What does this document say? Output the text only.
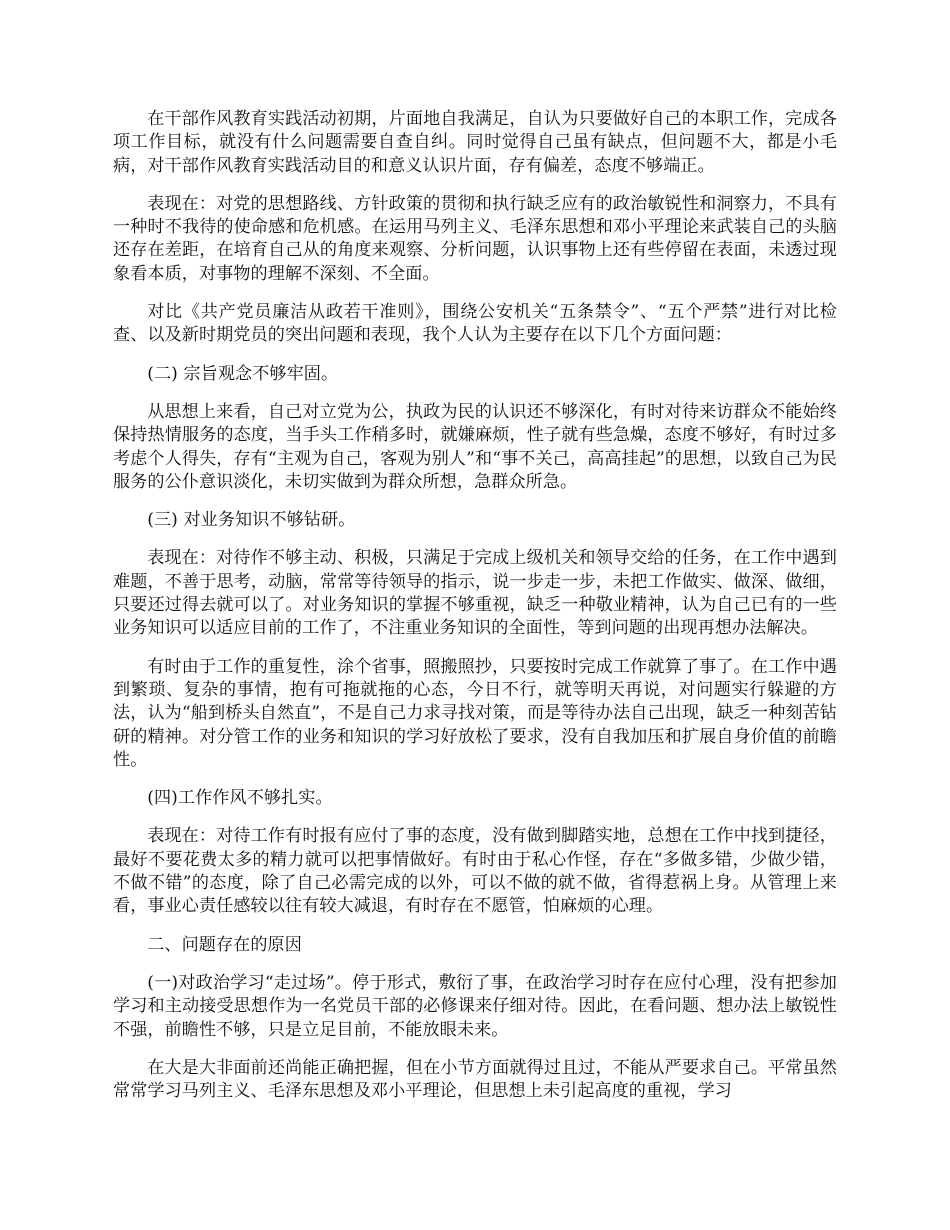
在干部作风教育实践活动初期，片面地自我满足，自认为只要做好自己的本职工作，完成各项工作目标，就没有什么问题需要自查自纠。同时觉得自己虽有缺点，但问题不大，都是小毛病，对干部作风教育实践活动目的和意义认识片面，存有偏差，态度不够端正。

表现在：对党的思想路线、方针政策的贯彻和执行缺乏应有的政治敏锐性和洞察力，不具有一种时不我待的使命感和危机感。在运用马列主义、毛泽东思想和邓小平理论来武装自己的头脑还存在差距，在培育自己从的角度来观察、分析问题，认识事物上还有些停留在表面，未透过现象看本质，对事物的理解不深刻、不全面。

对比《共产党员廉洁从政若干准则》，围绕公安机关“五条禁令”、“五个严禁”进行对比检查、以及新时期党员的突出问题和表现，我个人认为主要存在以下几个方面问题：

(二) 宗旨观念不够牢固。

从思想上来看，自己对立党为公，执政为民的认识还不够深化，有时对待来访群众不能始终保持热情服务的态度，当手头工作稍多时，就嫌麻烦，性子就有些急燥，态度不够好，有时过多考虑个人得失，存有“主观为自己，客观为别人”和“事不关己，高高挂起”的思想，以致自己为民服务的公仆意识淡化，未切实做到为群众所想，急群众所急。

(三) 对业务知识不够钻研。

表现在：对待作不够主动、积极，只满足于完成上级机关和领导交给的任务，在工作中遇到难题，不善于思考，动脑，常常等待领导的指示，说一步走一步，未把工作做实、做深、做细，只要还过得去就可以了。对业务知识的掌握不够重视，缺乏一种敬业精神，认为自己已有的一些业务知识可以适应目前的工作了，不注重业务知识的全面性，等到问题的出现再想办法解决。

有时由于工作的重复性，涂个省事，照搬照抄，只要按时完成工作就算了事了。在工作中遇到繁琐、复杂的事情，抱有可拖就拖的心态，今日不行，就等明天再说，对问题实行躲避的方法，认为“船到桥头自然直”，不是自己力求寻找对策，而是等待办法自己出现，缺乏一种刻苦钻研的精神。对分管工作的业务和知识的学习好放松了要求，没有自我加压和扩展自身价值的前瞻性。

(四)工作作风不够扎实。

表现在：对待工作有时报有应付了事的态度，没有做到脚踏实地，总想在工作中找到捷径，最好不要花费太多的精力就可以把事情做好。有时由于私心作怪，存在“多做多错，少做少错，不做不错”的态度，除了自己必需完成的以外，可以不做的就不做，省得惹祸上身。从管理上来看，事业心责任感较以往有较大减退，有时存在不愿管，怕麻烦的心理。

二、问题存在的原因

(一)对政治学习“走过场”。停于形式，敷衍了事，在政治学习时存在应付心理，没有把参加学习和主动接受思想作为一名党员干部的必修课来仔细对待。因此，在看问题、想办法上敏锐性不强，前瞻性不够，只是立足目前，不能放眼未来。

在大是大非面前还尚能正确把握，但在小节方面就得过且过，不能从严要求自己。平常虽然常常学习马列主义、毛泽东思想及邓小平理论，但思想上未引起高度的重视，学习
